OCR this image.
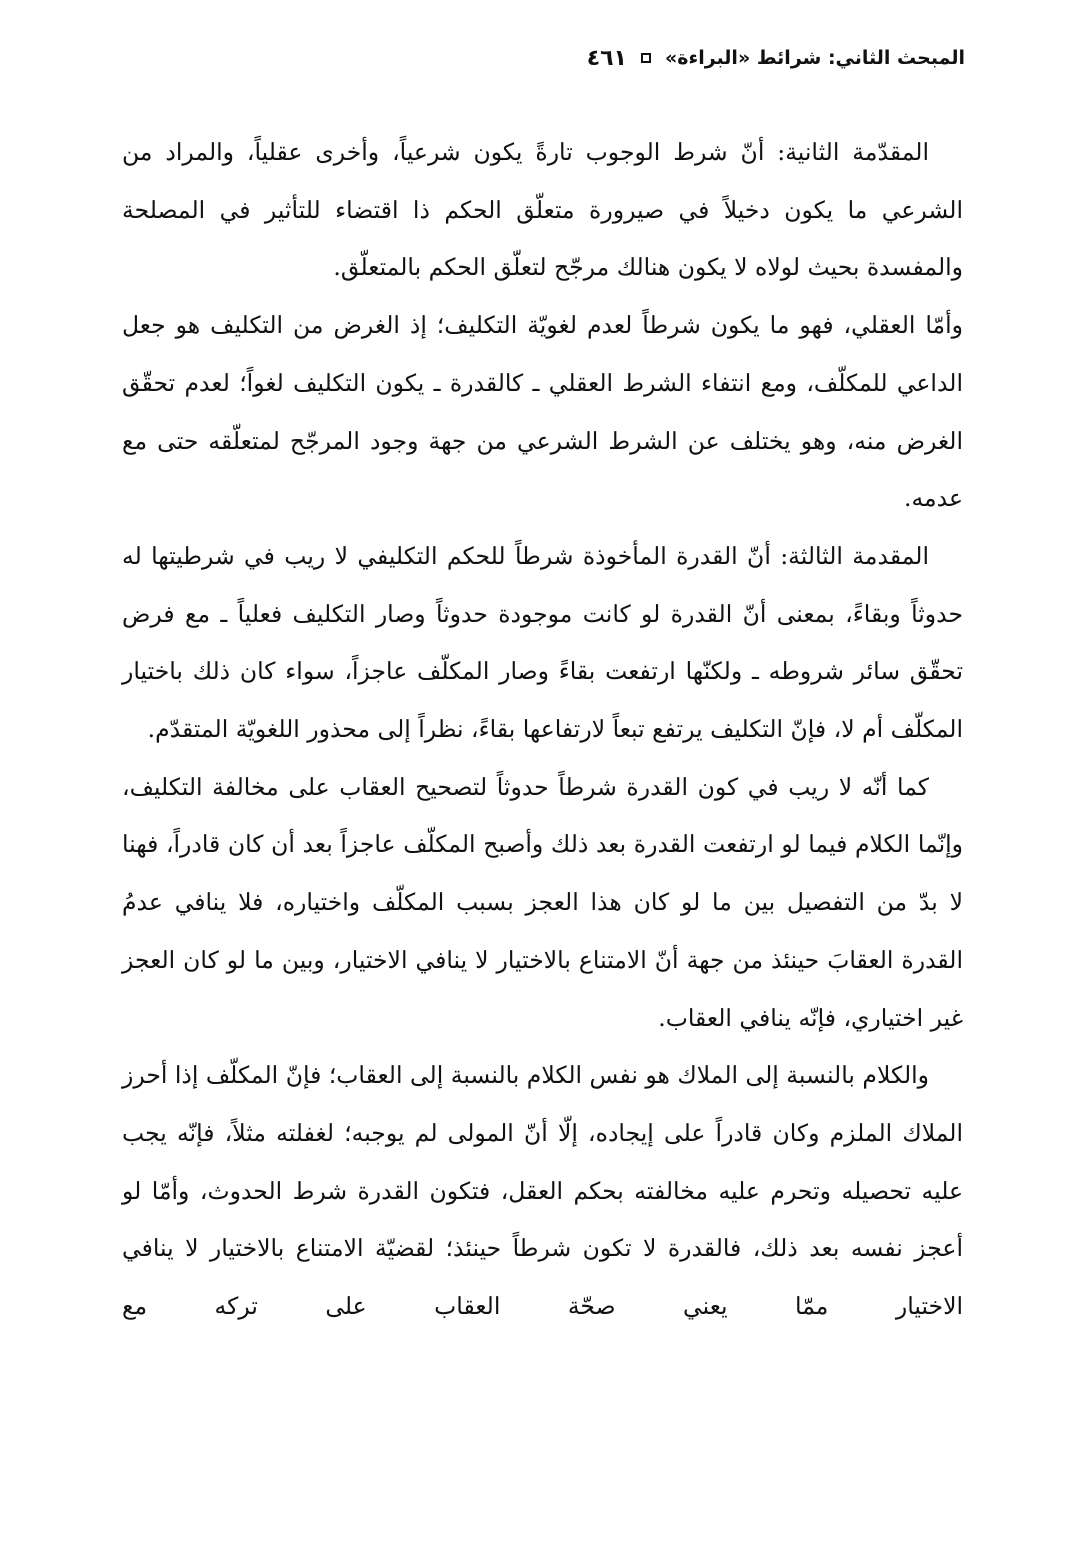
المبحث الثاني: شرائط «البراءة»
٤٦١

المقدّمة الثانية: أنّ شرط الوجوب تارةً يكون شرعياً، وأخرى عقلياً، والمراد من الشرعي ما يكون دخيلاً في صيرورة متعلّق الحكم ذا اقتضاء للتأثير في المصلحة والمفسدة بحيث لولاه لا يكون هنالك مرجّح لتعلّق الحكم بالمتعلّق.

وأمّا العقلي، فهو ما يكون شرطاً لعدم لغويّة التكليف؛ إذ الغرض من التكليف هو جعل الداعي للمكلّف، ومع انتفاء الشرط العقلي ـ كالقدرة ـ يكون التكليف لغواً؛ لعدم تحقّق الغرض منه، وهو يختلف عن الشرط الشرعي من جهة وجود المرجّح لمتعلّقه حتى مع عدمه.

المقدمة الثالثة: أنّ القدرة المأخوذة شرطاً للحكم التكليفي لا ريب في شرطيتها له حدوثاً وبقاءً، بمعنى أنّ القدرة لو كانت موجودة حدوثاً وصار التكليف فعلياً ـ مع فرض تحقّق سائر شروطه ـ ولكنّها ارتفعت بقاءً وصار المكلّف عاجزاً، سواء كان ذلك باختيار المكلّف أم لا، فإنّ التكليف يرتفع تبعاً لارتفاعها بقاءً، نظراً إلى محذور اللغويّة المتقدّم.

كما أنّه لا ريب في كون القدرة شرطاً حدوثاً لتصحيح العقاب على مخالفة التكليف، وإنّما الكلام فيما لو ارتفعت القدرة بعد ذلك وأصبح المكلّف عاجزاً بعد أن كان قادراً، فهنا لا بدّ من التفصيل بين ما لو كان هذا العجز بسبب المكلّف واختياره، فلا ينافي عدمُ القدرة العقابَ حينئذ من جهة أنّ الامتناع بالاختيار لا ينافي الاختيار، وبين ما لو كان العجز غير اختياري، فإنّه ينافي العقاب.

والكلام بالنسبة إلى الملاك هو نفس الكلام بالنسبة إلى العقاب؛ فإنّ المكلّف إذا أحرز الملاك الملزم وكان قادراً على إيجاده، إلّا أنّ المولى لم يوجبه؛ لغفلته مثلاً، فإنّه يجب عليه تحصيله وتحرم عليه مخالفته بحكم العقل، فتكون القدرة شرط الحدوث، وأمّا لو أعجز نفسه بعد ذلك، فالقدرة لا تكون شرطاً حينئذ؛ لقضيّة الامتناع بالاختيار لا ينافي الاختيار ممّا يعني صحّة العقاب على تركه مع
